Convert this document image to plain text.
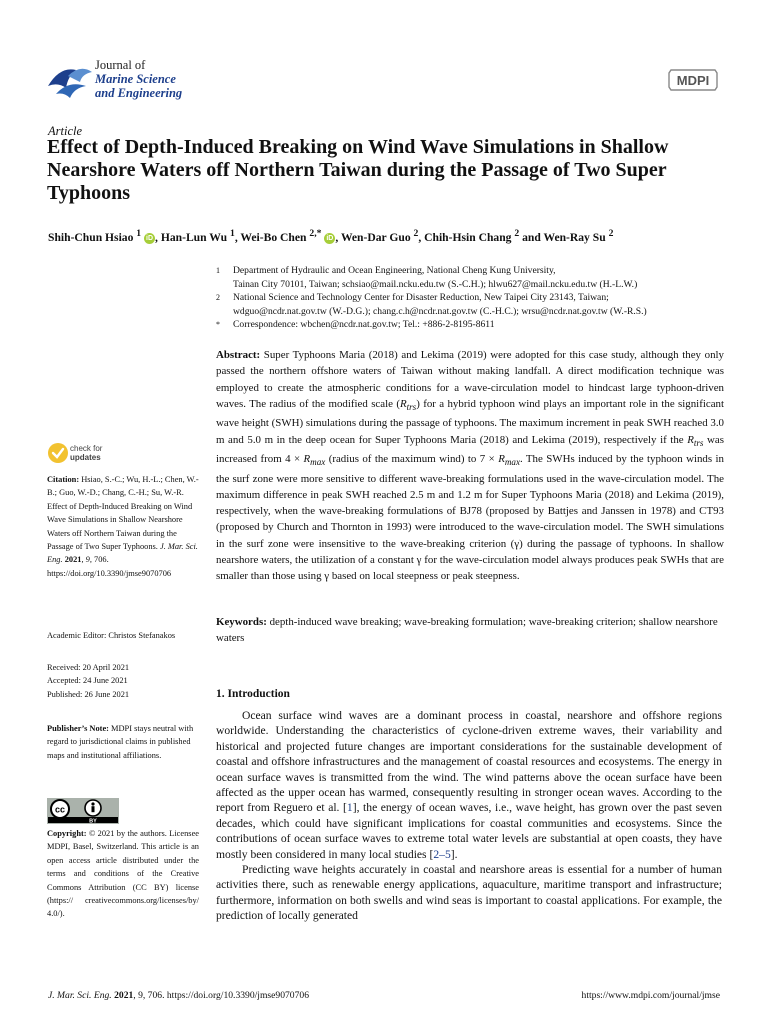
Journal of
Marine Science
and Engineering
MDPI
Article
Effect of Depth-Induced Breaking on Wind Wave Simulations in Shallow Nearshore Waters off Northern Taiwan during the Passage of Two Super Typhoons
Shih-Chun Hsiao $^1$ iD , Han-Lun Wu $^1$, Wei-Bo Chen $^{2,*}$ iD , Wen-Dar Guo $^2$, Chih-Hsin Chang $^2$ and Wen-Ray Su $^2$
1	Department of Hydraulic and Ocean Engineering, National Cheng Kung University,
Tainan City 70101, Taiwan; schsiao@mail.ncku.edu.tw (S.-C.H.); hlwu627@mail.ncku.edu.tw (H.-L.W.)
2	National Science and Technology Center for Disaster Reduction, New Taipei City 23143, Taiwan;
wdguo@ncdr.nat.gov.tw (W.-D.G.); chang.c.h@ncdr.nat.gov.tw (C.-H.C.); wrsu@ncdr.nat.gov.tw (W.-R.S.)
*	Correspondence: wbchen@ncdr.nat.gov.tw; Tel.: +886-2-8195-8611
Abstract: Super Typhoons Maria (2018) and Lekima (2019) were adopted for this case study, although they only passed the northern offshore waters of Taiwan without making landfall. A direct modification technique was employed to create the atmospheric conditions for a wave-circulation model to hindcast large typhoon-driven waves. The radius of the modified scale $(R_{trs})$ for a hybrid typhoon wind plays an important role in the significant wave height (SWH) simulations during the passage of typhoons. The maximum increment in peak SWH reached 3.0 m and 5.0 m in the deep ocean for Super Typhoons Maria (2018) and Lekima (2019), respectively if the $R_{trs}$ was increased from $4 \times R_{max}$ (radius of the maximum wind) to $7 \times R_{max}$. The SWHs induced by the typhoon winds in the surf zone were more sensitive to different wave-breaking formulations used in the wave-circulation model. The maximum difference in peak SWH reached 2.5 m and 1.2 m for Super Typhoons Maria (2018) and Lekima (2019), respectively, when the wave-breaking formulations of BJ78 (proposed by Battjes and Janssen in 1978) and CT93 (proposed by Church and Thornton in 1993) were introduced to the wave-circulation model. The SWH simulations in the surf zone were insensitive to the wave-breaking criterion (γ) during the passage of typhoons. In shallow nearshore waters, the utilization of a constant γ for the wave-circulation model always produces peak SWHs that are smaller than those using γ based on local steepness or peak steepness.
Keywords: depth-induced wave breaking; wave-breaking formulation; wave-breaking criterion; shallow nearshore waters
1. Introduction

Ocean surface wind waves are a dominant process in coastal, nearshore and offshore regions worldwide. Understanding the characteristics of cyclone-driven extreme waves, their variability and historical and projected future changes are important considerations for the sustainable development of coastal and offshore infrastructures and the management of coastal resources and ecosystems. The energy in ocean surface waves is transmitted from the wind. The wind patterns above the ocean surface have been affected as the upper ocean has warmed, consequently resulting in stronger ocean waves. According to the report from Reguero et al. [1], the energy of ocean waves, i.e., wave height, has grown over the past seven decades, which could have significant implications for coastal communities and ecosystems. Since the contributions of ocean surface waves to extreme total water levels are substantial at open coasts, they have mostly been considered in many local studies [2–5].

Predicting wave heights accurately in coastal and nearshore areas is essential for a number of human activities there, such as renewable energy applications, aquaculture, maritime transport and infrastructure; furthermore, information on both swells and wind seas is important to coastal applications. For example, the prediction of locally generated

check for
updates
Citation: Hsiao, S.-C.; Wu, H.-L.; Chen, W.-B.; Guo, W.-D.; Chang, C.-H.; Su, W.-R. Effect of Depth-Induced Breaking on Wind Wave Simulations in Shallow Nearshore Waters off Northern Taiwan during the Passage of Two Super Typhoons. J. Mar. Sci. Eng. 2021, 9, 706. https://doi.org/10.3390/jmse9070706
Academic Editor: Christos Stefanakos
Received: 20 April 2021
Accepted: 24 June 2021
Published: 26 June 2021
Publisher’s Note: MDPI stays neutral with regard to jurisdictional claims in published maps and institutional affiliations.
cc
BY
Copyright: © 2021 by the authors. Licensee MDPI, Basel, Switzerland. This article is an open access article distributed under the terms and conditions of the Creative Commons Attribution (CC BY) license (https:// creativecommons.org/licenses/by/ 4.0/).
J. Mar. Sci. Eng. 2021, 9, 706. https://doi.org/10.3390/jmse9070706	https://www.mdpi.com/journal/jmse
